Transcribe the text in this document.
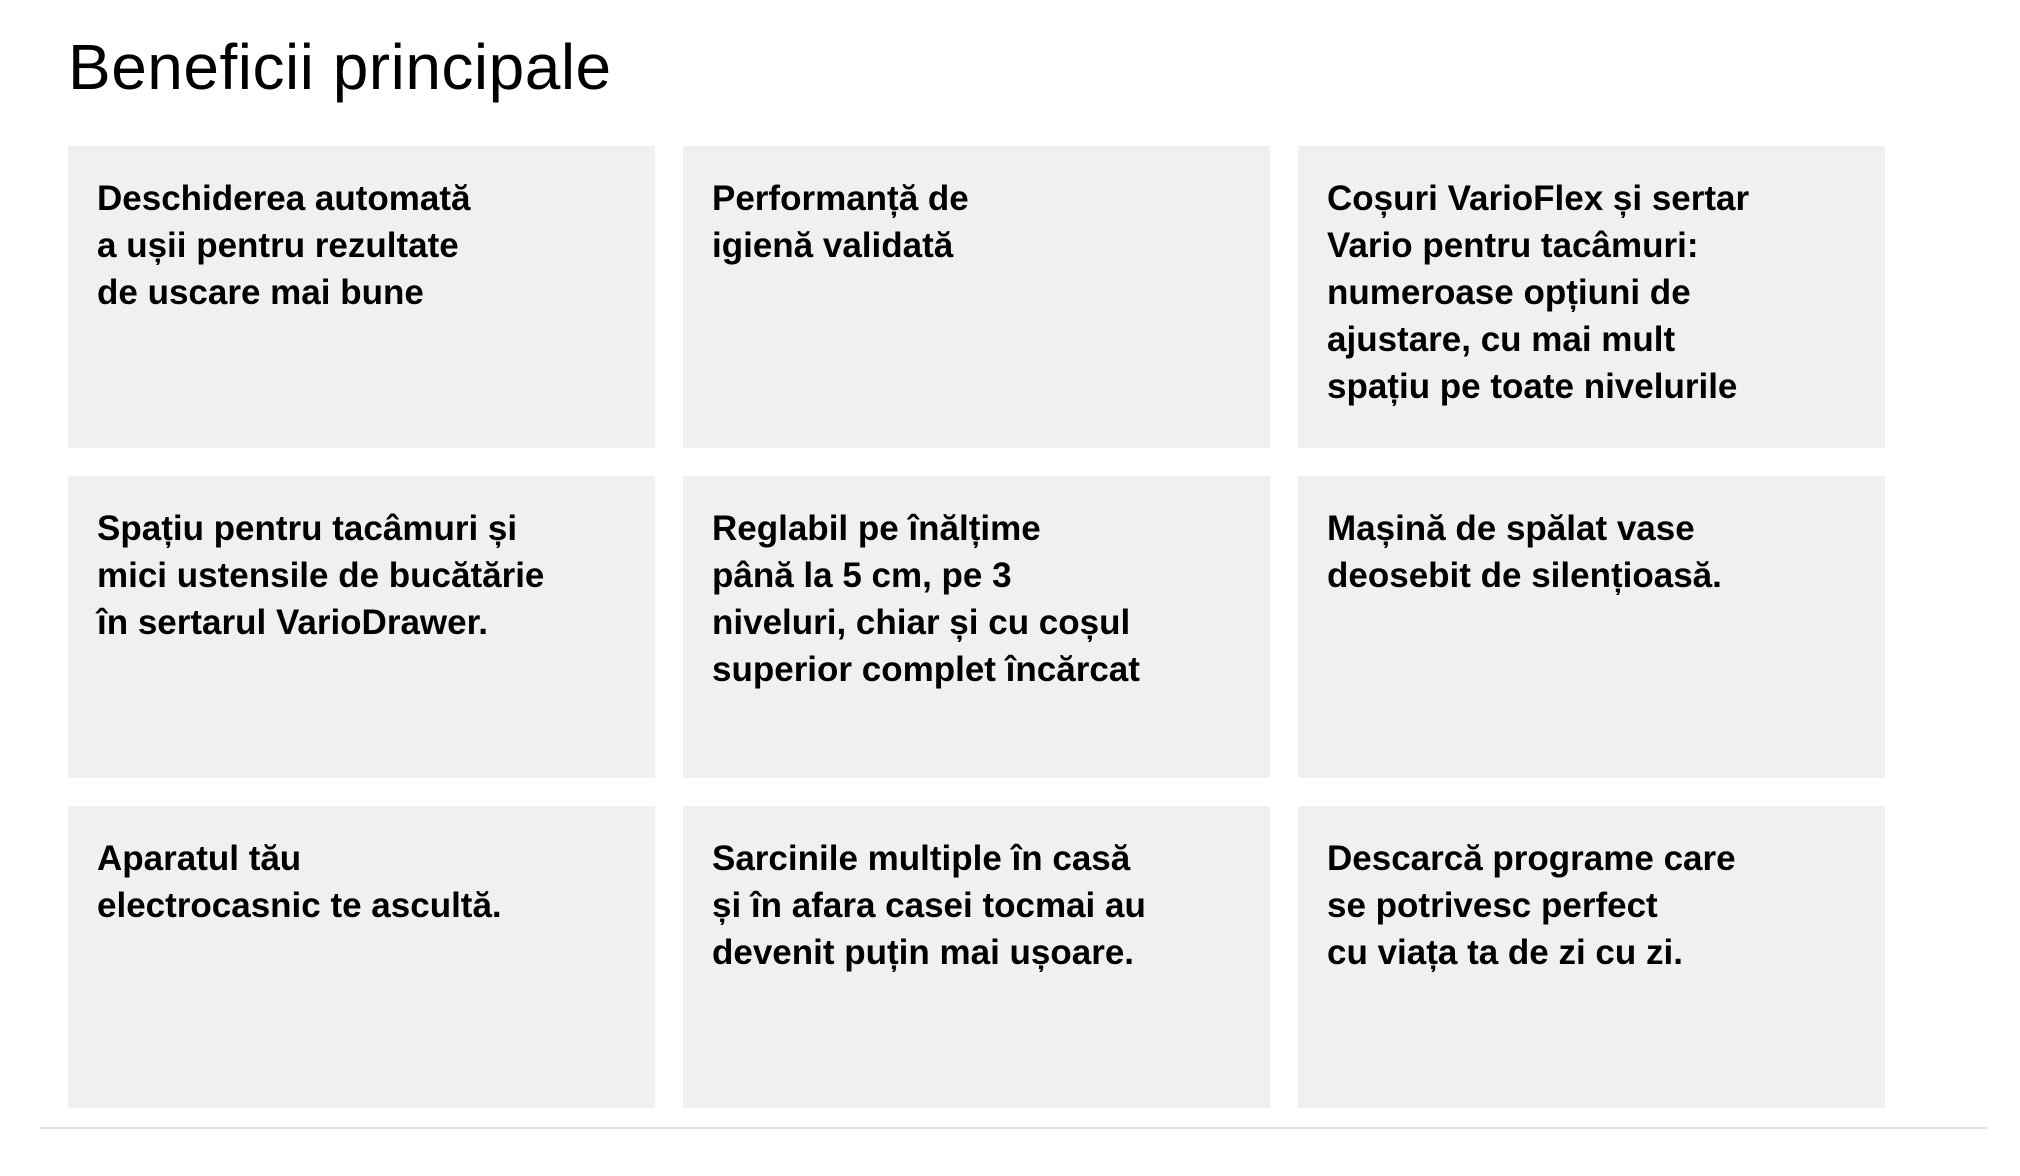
Beneficii principale

Deschiderea automată
a ușii pentru rezultate
de uscare mai bune

Performanță de
igienă validată

Coșuri VarioFlex și sertar
Vario pentru tacâmuri:
numeroase opțiuni de
ajustare, cu mai mult
spațiu pe toate nivelurile

Spațiu pentru tacâmuri și
mici ustensile de bucătărie
în sertarul VarioDrawer.

Reglabil pe înălțime
până la 5 cm, pe 3
niveluri, chiar și cu coșul
superior complet încărcat

Mașină de spălat vase
deosebit de silențioasă.

Aparatul tău
electrocasnic te ascultă.

Sarcinile multiple în casă
și în afara casei tocmai au
devenit puțin mai ușoare.

Descarcă programe care
se potrivesc perfect
cu viața ta de zi cu zi.
